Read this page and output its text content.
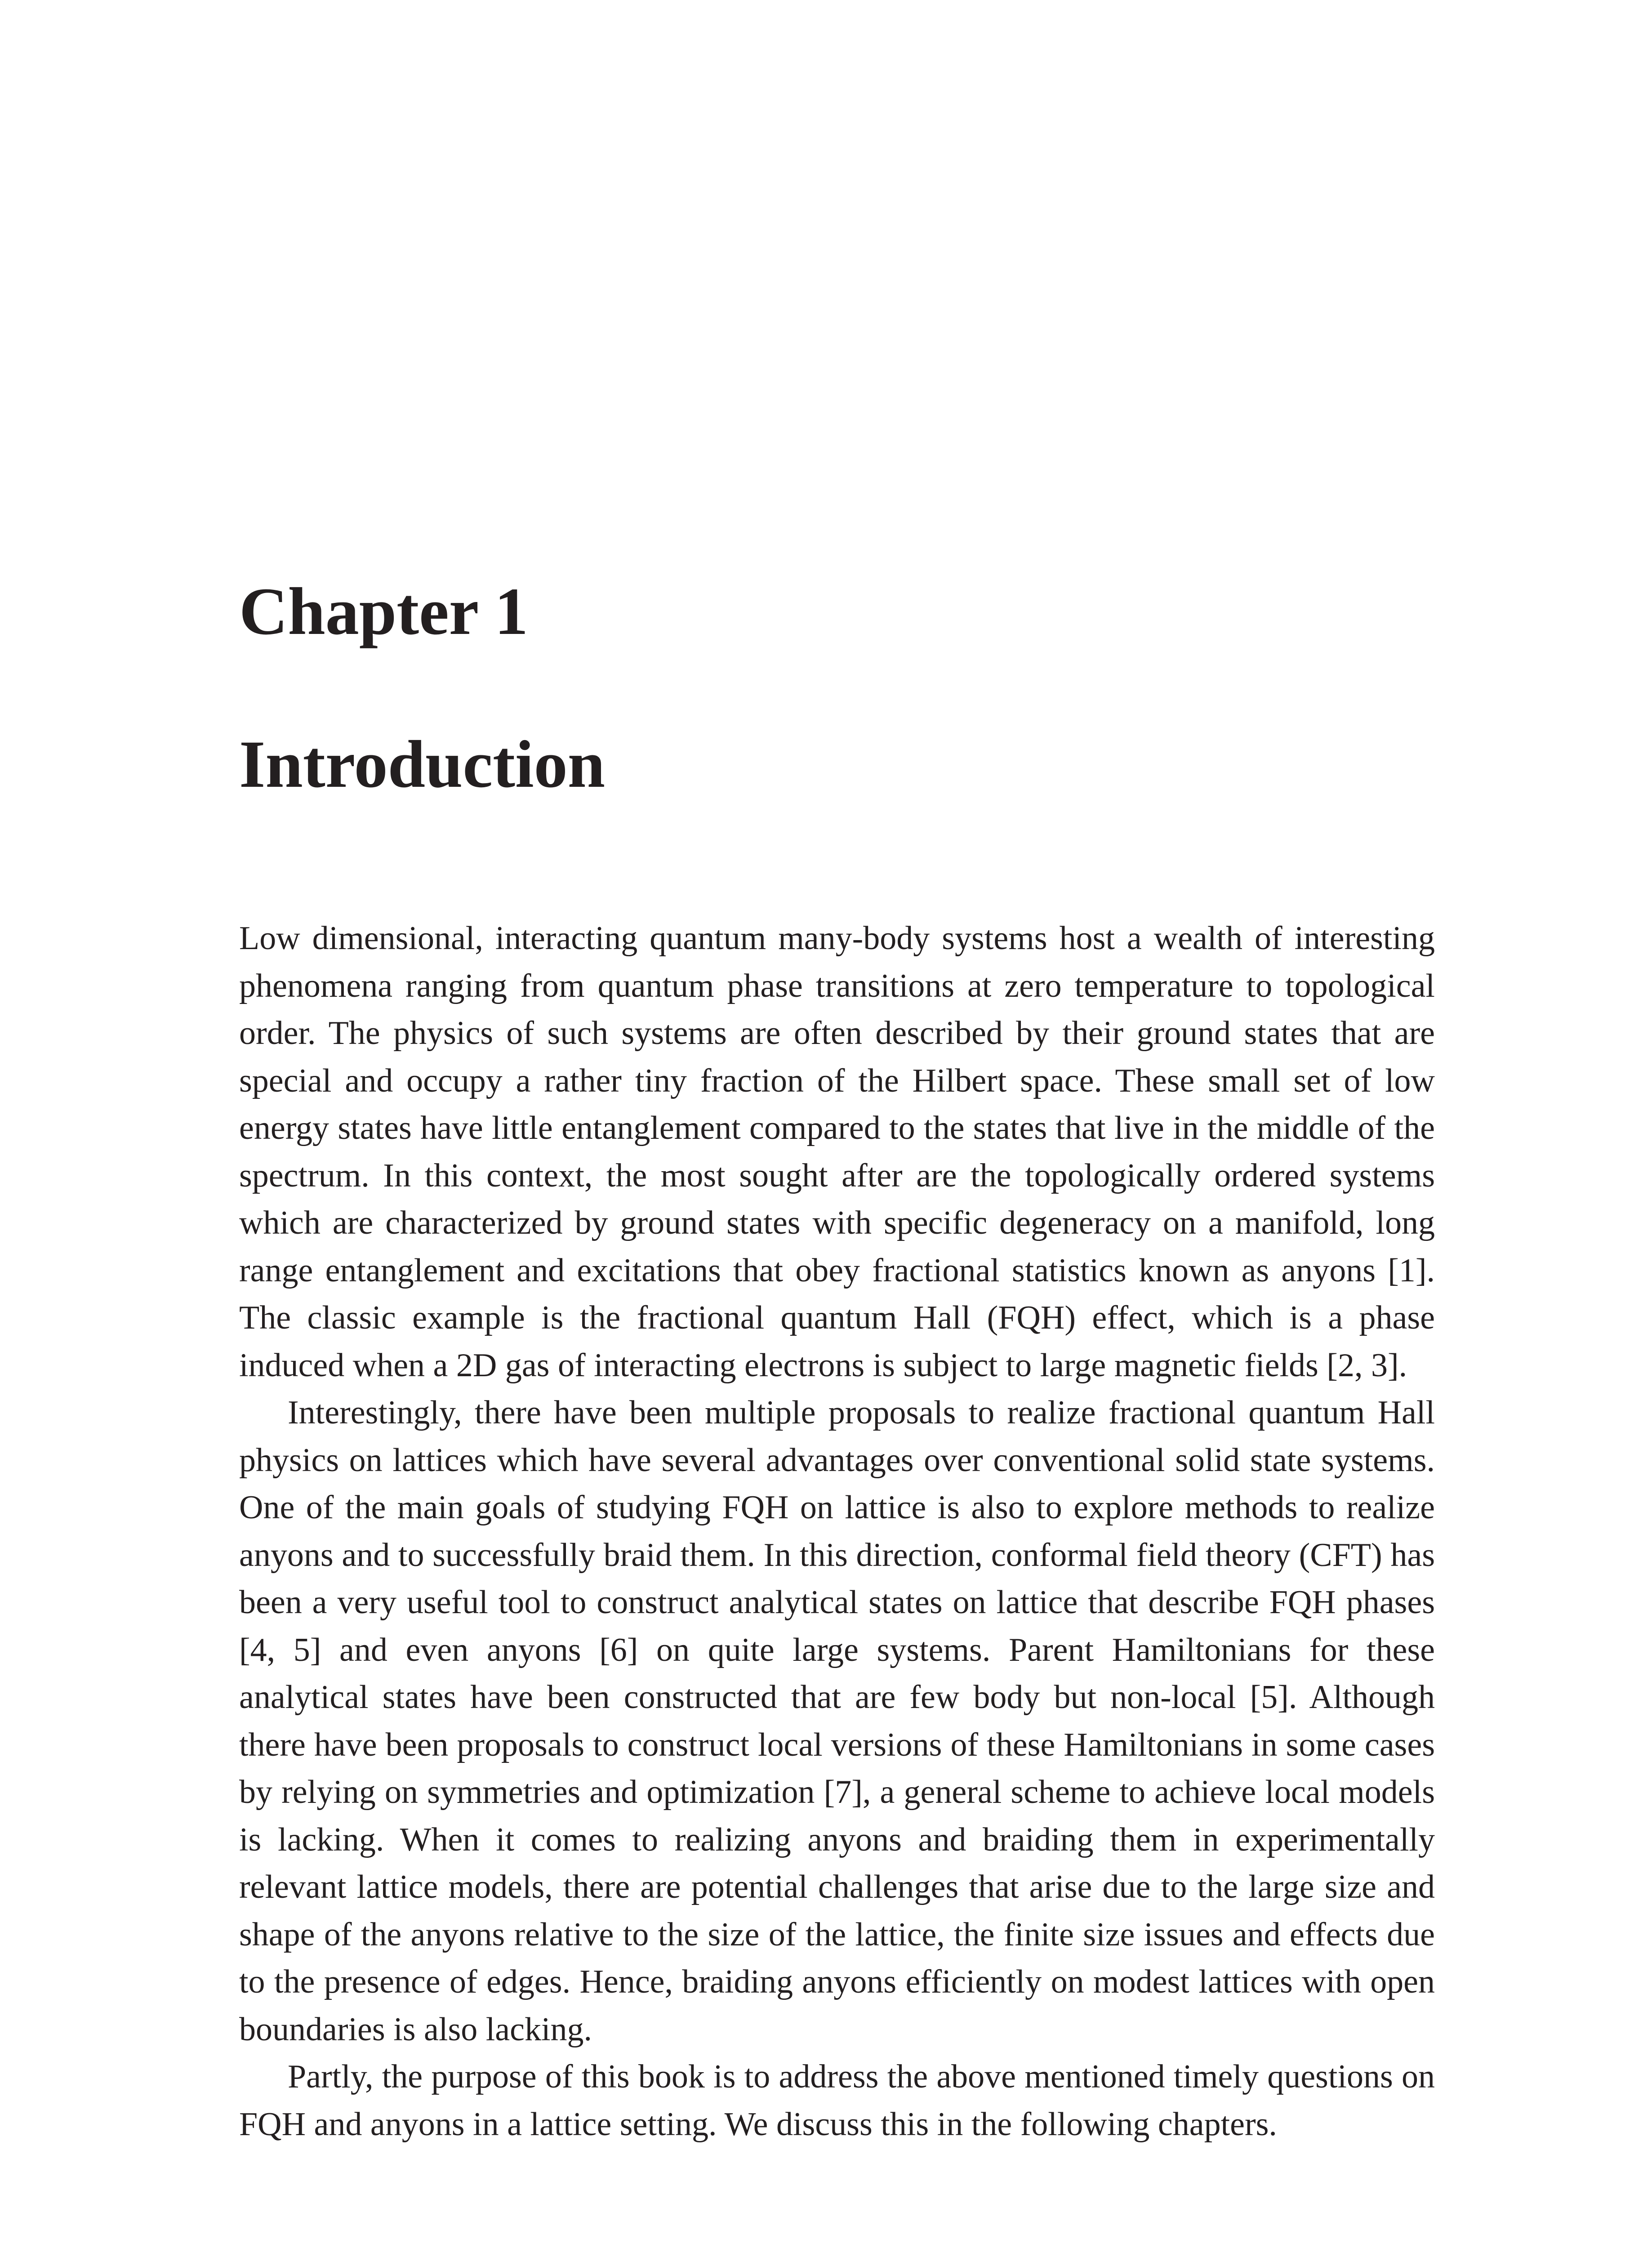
Chapter 1
Introduction

Low dimensional, interacting quantum many-body systems host a wealth of interesting phenomena ranging from quantum phase transitions at zero temperature to topological order. The physics of such systems are often described by their ground states that are special and occupy a rather tiny fraction of the Hilbert space. These small set of low energy states have little entanglement compared to the states that live in the middle of the spectrum. In this context, the most sought after are the topologically ordered systems which are characterized by ground states with specific degeneracy on a manifold, long range entanglement and excitations that obey fractional statistics known as anyons [1]. The classic example is the fractional quantum Hall (FQH) effect, which is a phase induced when a 2D gas of interacting electrons is subject to large magnetic fields [2, 3].

Interestingly, there have been multiple proposals to realize fractional quantum Hall physics on lattices which have several advantages over conventional solid state systems. One of the main goals of studying FQH on lattice is also to explore methods to realize anyons and to successfully braid them. In this direction, conformal field theory (CFT) has been a very useful tool to construct analytical states on lattice that describe FQH phases [4, 5] and even anyons [6] on quite large systems. Parent Hamiltonians for these analytical states have been constructed that are few body but non-local [5]. Although there have been proposals to construct local versions of these Hamiltonians in some cases by relying on symmetries and optimization [7], a general scheme to achieve local models is lacking. When it comes to realizing anyons and braiding them in experimentally relevant lattice models, there are potential challenges that arise due to the large size and shape of the anyons relative to the size of the lattice, the finite size issues and effects due to the presence of edges. Hence, braiding anyons efficiently on modest lattices with open boundaries is also lacking.

Partly, the purpose of this book is to address the above mentioned timely questions on FQH and anyons in a lattice setting. We discuss this in the following chapters.
